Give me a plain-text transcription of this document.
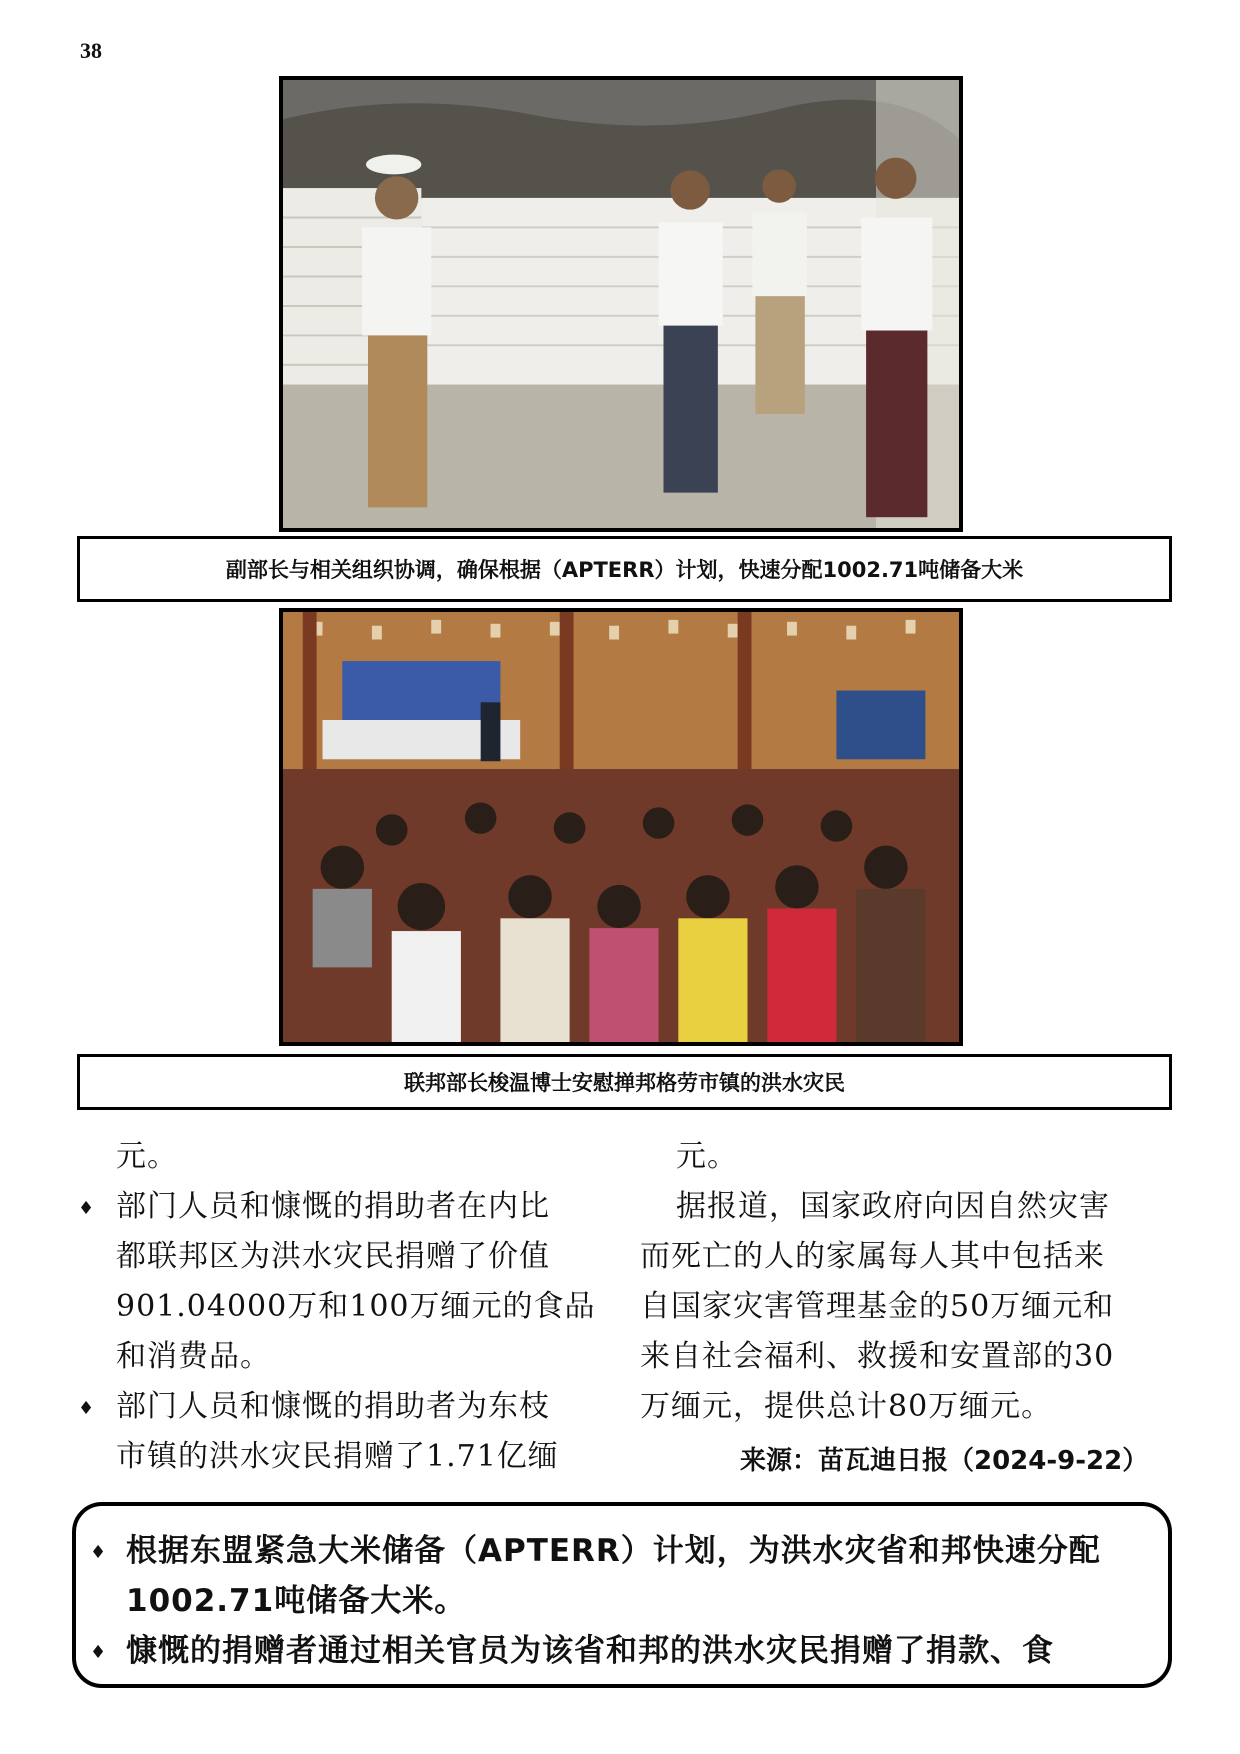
38
副部长与相关组织协调，确保根据（APTERR）计划，快速分配1002.71吨储备大米
联邦部长梭温博士安慰掸邦格劳市镇的洪水灾民
元。
♦ 部门人员和慷慨的捐助者在内比
都联邦区为洪水灾民捐赠了价值
901.04000万和100万缅元的食品
和消费品。
♦ 部门人员和慷慨的捐助者为东枝
市镇的洪水灾民捐赠了1.71亿缅
元。
据报道，国家政府向因自然灾害
而死亡的人的家属每人其中包括来
自国家灾害管理基金的50万缅元和
来自社会福利、救援和安置部的30
万缅元，提供总计80万缅元。
来源：苗瓦迪日报（2024-9-22）
♦ 根据东盟紧急大米储备（APTERR）计划，为洪水灾省和邦快速分配
1002.71吨储备大米。
♦ 慷慨的捐赠者通过相关官员为该省和邦的洪水灾民捐赠了捐款、食
